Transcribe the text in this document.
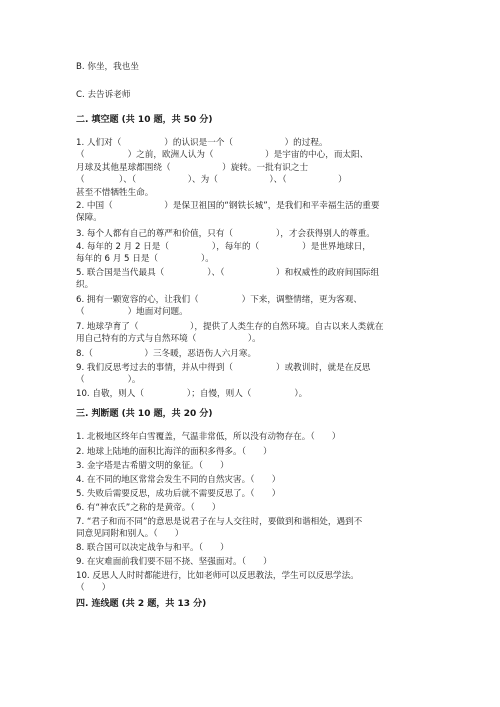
B. 你坐，我也坐
C. 去告诉老师
二. 填空题 (共 10 题，共 50 分)
1. 人们对（　　　　　）的认识是一个（　　　　　　）的过程。
（　　　　　）之前，欧洲人认为（　　　　　　）是宇宙的中心，而太阳、
月球及其他星球都围绕（　　　　　　）旋转。一批有识之士
（　　　　）、（　　　　　　）、为（　　　　　　）、（　　　　　　）
甚至不惜牺牲生命。
2. 中国（　　　　　　）是保卫祖国的“钢铁长城”，是我们和平幸福生活的重要
保障。
3. 每个人都有自己的尊严和价值，只有（　　　　　），才会获得别人的尊重。
4. 每年的 2 月 2 日是（　　　　　），每年的（　　　　　）是世界地球日，
每年的 6 月 5 日是（　　　　　）。
5. 联合国是当代最具（　　　　　）、（　　　　　　）和权威性的政府间国际组
织。
6. 拥有一颗宽容的心，让我们（　　　　　）下来，调整情绪，更为客观、
（　　　　　）地面对问题。
7. 地球孕育了（　　　　　　），提供了人类生存的自然环境。自古以来人类就在
用自己特有的方式与自然环境（　　　　　　）。
8.（　　　　　　）三冬暖，恶语伤人六月寒。
9. 我们反思考过去的事情，并从中得到（　　　　　）或教训时，就是在反思
（　　　　　）。
10. 自敬，则人（　　　　　）；自慢，则人（　　　　　）。
三. 判断题 (共 10 题，共 20 分)
1. 北极地区终年白雪覆盖，气温非常低，所以没有动物存在。（　　）
2. 地球上陆地的面积比海洋的面积多得多。（　　）
3. 金字塔是古希腊文明的象征。（　　）
4. 在不同的地区常常会发生不同的自然灾害。（　　）
5. 失败后需要反思，成功后就不需要反思了。（　　）
6. 有“神农氏”之称的是黄帝。（　　）
7. “君子和而不同”的意思是说君子在与人交往时，要做到和谐相处，遇到不
同意见同附和别人。（　　）
8. 联合国可以决定战争与和平。（　　）
9. 在灾难面前我们要不屈不挠、坚强面对。（　　）
10. 反思人人时时都能进行，比如老师可以反思教法，学生可以反思学法。
（　　）
四. 连线题 (共 2 题，共 13 分)
